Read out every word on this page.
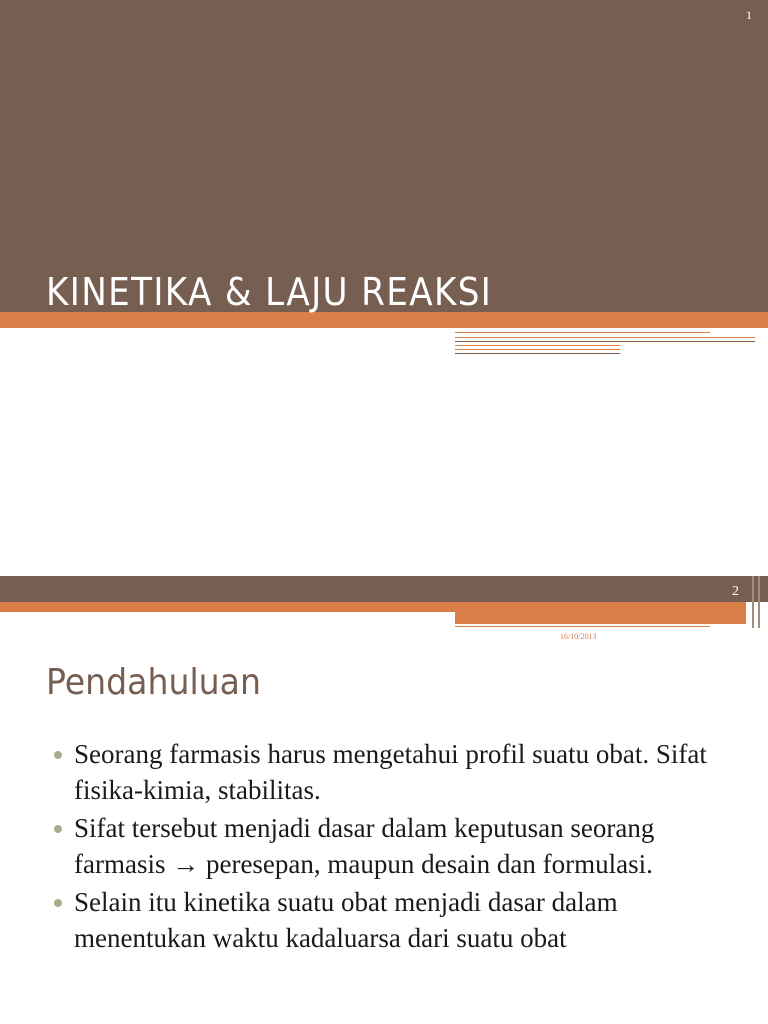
1
KINETIKA & LAJU REAKSI
2
16/10/2013
Pendahuluan
Seorang farmasis harus mengetahui profil suatu obat. Sifat fisika-kimia, stabilitas.
Sifat tersebut menjadi dasar dalam keputusan seorang farmasis → peresepan, maupun desain dan formulasi.
Selain itu kinetika suatu obat menjadi dasar dalam menentukan waktu kadaluarsa dari suatu obat
